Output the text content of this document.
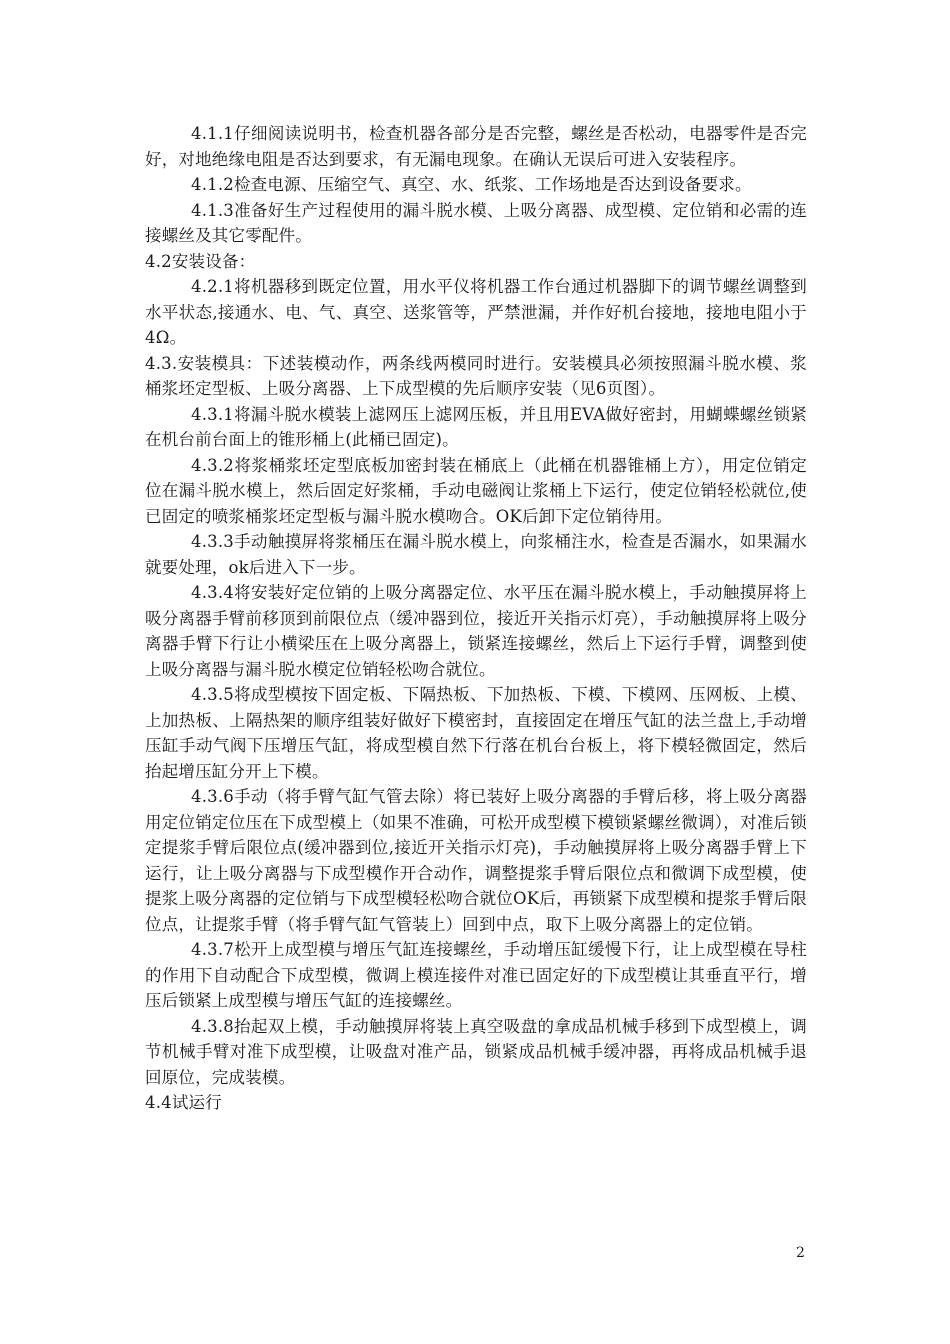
4.1.1仔细阅读说明书，检查机器各部分是否完整，螺丝是否松动，电器零件是否完好，对地绝缘电阻是否达到要求，有无漏电现象。在确认无误后可进入安装程序。

4.1.2检查电源、压缩空气、真空、水、纸浆、工作场地是否达到设备要求。

4.1.3准备好生产过程使用的漏斗脱水模、上吸分离器、成型模、定位销和必需的连接螺丝及其它零配件。

4.2安装设备：

4.2.1将机器移到既定位置，用水平仪将机器工作台通过机器脚下的调节螺丝调整到水平状态,接通水、电、气、真空、送浆管等，严禁泄漏，并作好机台接地，接地电阻小于4Ω。

4.3.安装模具：下述装模动作，两条线两模同时进行。安装模具必须按照漏斗脱水模、浆桶浆坯定型板、上吸分离器、上下成型模的先后顺序安装（见6页图）。

4.3.1将漏斗脱水模装上滤网压上滤网压板，并且用EVA做好密封，用蝴蝶螺丝锁紧在机台前台面上的锥形桶上(此桶已固定)。

4.3.2将浆桶浆坯定型底板加密封装在桶底上（此桶在机器锥桶上方），用定位销定位在漏斗脱水模上，然后固定好浆桶，手动电磁阀让浆桶上下运行，使定位销轻松就位,使已固定的喷浆桶浆坯定型板与漏斗脱水模吻合。OK后卸下定位销待用。

4.3.3手动触摸屏将浆桶压在漏斗脱水模上，向浆桶注水，检查是否漏水，如果漏水就要处理，ok后进入下一步。

4.3.4将安装好定位销的上吸分离器定位、水平压在漏斗脱水模上，手动触摸屏将上吸分离器手臂前移顶到前限位点（缓冲器到位，接近开关指示灯亮），手动触摸屏将上吸分离器手臂下行让小横梁压在上吸分离器上，锁紧连接螺丝，然后上下运行手臂，调整到使上吸分离器与漏斗脱水模定位销轻松吻合就位。

4.3.5将成型模按下固定板、下隔热板、下加热板、下模、下模网、压网板、上模、上加热板、上隔热架的顺序组装好做好下模密封，直接固定在增压气缸的法兰盘上,手动增压缸手动气阀下压增压气缸，将成型模自然下行落在机台台板上，将下模轻微固定，然后抬起增压缸分开上下模。

4.3.6手动（将手臂气缸气管去除）将已装好上吸分离器的手臂后移，将上吸分离器用定位销定位压在下成型模上（如果不准确，可松开成型模下模锁紧螺丝微调），对准后锁定提浆手臂后限位点(缓冲器到位,接近开关指示灯亮)，手动触摸屏将上吸分离器手臂上下运行，让上吸分离器与下成型模作开合动作，调整提浆手臂后限位点和微调下成型模，使提浆上吸分离器的定位销与下成型模轻松吻合就位OK后，再锁紧下成型模和提浆手臂后限位点，让提浆手臂（将手臂气缸气管装上）回到中点，取下上吸分离器上的定位销。

4.3.7松开上成型模与增压气缸连接螺丝，手动增压缸缓慢下行，让上成型模在导柱的作用下自动配合下成型模，微调上模连接件对准已固定好的下成型模让其垂直平行，增压后锁紧上成型模与增压气缸的连接螺丝。

4.3.8抬起双上模，手动触摸屏将装上真空吸盘的拿成品机械手移到下成型模上，调节机械手臂对准下成型模，让吸盘对准产品，锁紧成品机械手缓冲器，再将成品机械手退回原位，完成装模。

4.4试运行

2
